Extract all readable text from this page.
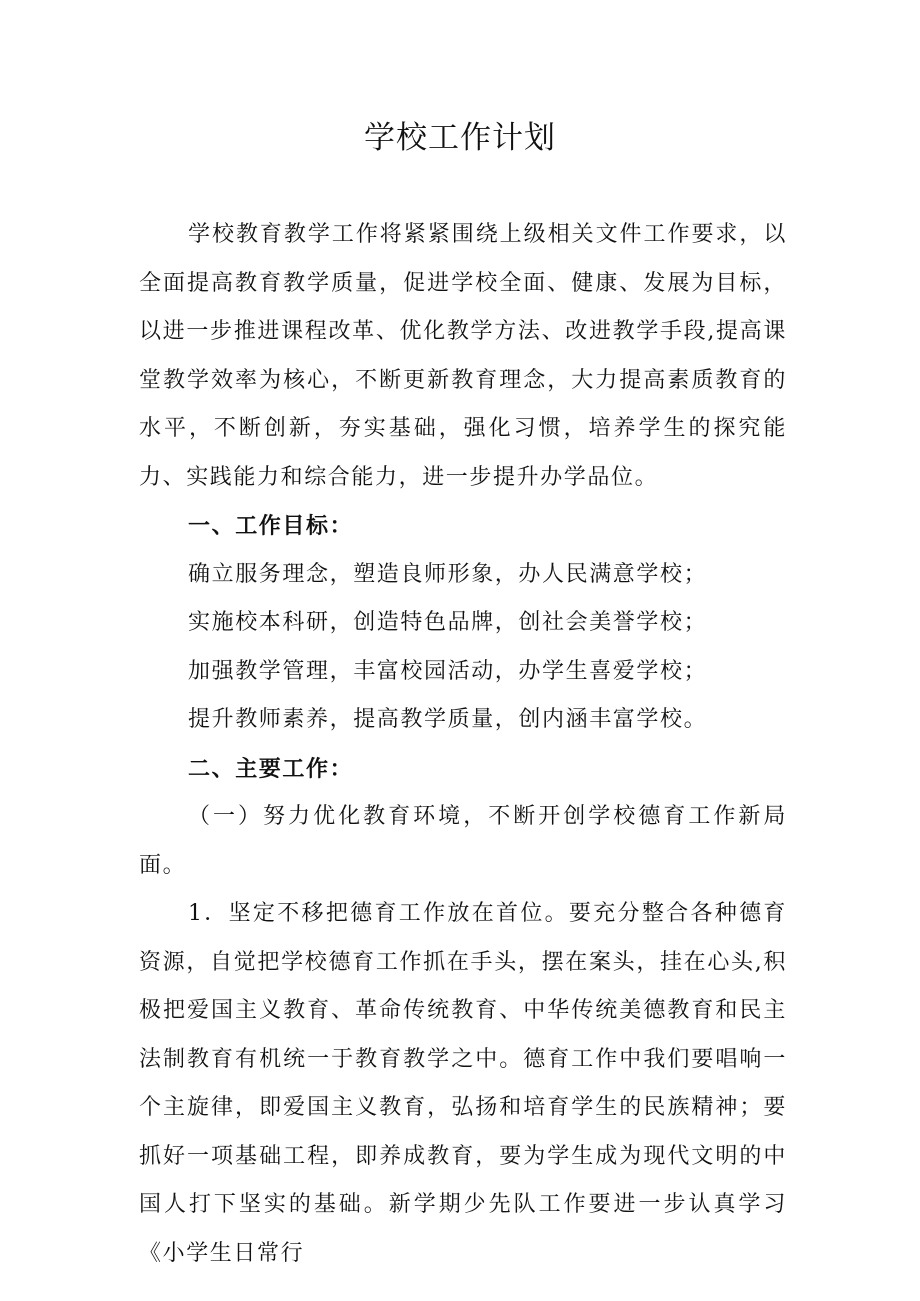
学校工作计划

学校教育教学工作将紧紧围绕上级相关文件工作要求，以全面提高教育教学质量，促进学校全面、健康、发展为目标，以进一步推进课程改革、优化教学方法、改进教学手段,提高课堂教学效率为核心，不断更新教育理念，大力提高素质教育的水平，不断创新，夯实基础，强化习惯，培养学生的探究能力、实践能力和综合能力，进一步提升办学品位。

一、工作目标：

确立服务理念，塑造良师形象，办人民满意学校；

实施校本科研，创造特色品牌，创社会美誉学校；

加强教学管理，丰富校园活动，办学生喜爱学校；

提升教师素养，提高教学质量，创内涵丰富学校。

二、主要工作：

（一）努力优化教育环境，不断开创学校德育工作新局面。

1．坚定不移把德育工作放在首位。要充分整合各种德育资源，自觉把学校德育工作抓在手头，摆在案头，挂在心头,积极把爱国主义教育、革命传统教育、中华传统美德教育和民主法制教育有机统一于教育教学之中。德育工作中我们要唱响一个主旋律，即爱国主义教育，弘扬和培育学生的民族精神；要抓好一项基础工程，即养成教育，要为学生成为现代文明的中国人打下坚实的基础。新学期少先队工作要进一步认真学习《小学生日常行
